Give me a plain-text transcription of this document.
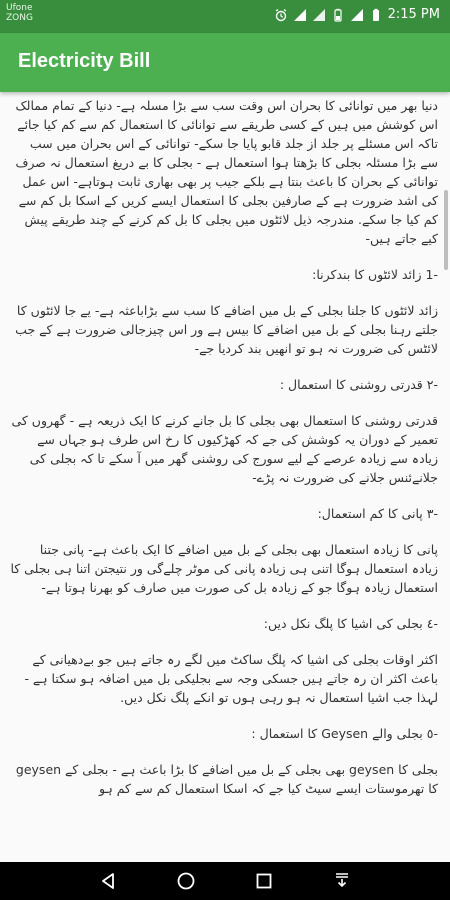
Ufone
ZONG	2:15 PM
Electricity Bill

دنیا بھر میں توانائی کا بحران اس وقت سب سے بڑا مسلہ ہے- دنیا کے تمام ممالک اس کوشش میں ہیں کے کسی طریقے سے توانائی کا استعمال کم سے کم کیا جائے تاکہ اس مسئلے پر جلد از جلد قابو پایا جا سکے- توانائی کے اس بحران میں سب سے بڑا مسئلہ بجلی کا بڑھتا ہوا استعمال ہے - بجلی کا بے دریغ استعمال نہ صرف توانائی کے بحران کا باعث بنتا ہے بلکے جیب پر بھی بھاری ثابت ہوتاہے- اس عمل کی اشد ضرورت ہے کے صارفین بجلی کا استعمال ایسے کریں کے اسکا بل کم سے کم کیا جا سکے. مندرجہ ذیل لائٹوں میں بجلی کا بل کم کرنے کے چند طریقے پیش کیے جاتے ہیں-

-1 زائد لائٹوں کا بندکرنا:

زائد لائٹوں کا جلنا بجلی کے بل میں اضافے کا سب سے بڑاباعثہ ہے- یے جا لائٹوں کا جلتے رہنا بجلی کے بل میں اضافے کا بیس ہے ور اس چیزجالی ضرورت ہے کے جب لائٹس کی ضرورت نہ ہو تو انھیں بند کردیا جے-

-۲ قدرتی روشنی کا استعمال :

قدرتی روشنی کا استعمال بھی بجلی کا بل جانے کرنے کا ایک ذریعہ ہے - گھروں کی تعمیر کے دوران یہ کوشش کی جے کہ کھڑکیوں کا رخ اس طرف ہو جہاں سے زیادہ سے زیادہ عرصے کے لیے سورج کی روشنی گھر میں آ سکے تا کہ بجلی کی جلانےئنس جلانے کی ضرورت نہ پڑے-

-۳ پانی کا کم استعمال:

پانی کا زیادہ استعمال بھی بجلی کے بل میں اضافے کا ایک باعث ہے- پانی جتنا زیادہ استعمال ہوگا اتنی ہی زیادہ پانی کی موٹر چلےگی ور نتیجتن اتنا ہی بجلی کا استعمال زیادہ ہوگا جو کے زیادہ بل کی صورت میں صارف کو بھرنا ہوتا ہے-

-٤ بجلی کی اشیا کا پلگ نکل دیں:

اکثر اوقات بجلی کی اشیا کہ پلگ ساکٹ میں لگے رہ جاتے ہیں جو بےدھیانی کے باعث اکثر ان رہ جاتے ہیں جسکی وجہ سے بجلیکی بل میں اضافہ ہو سکتا ہے - لہذا جب اشیا استعمال نہ ہو رہی ہوں تو انکے پلگ نکل دیں.

-٥ بجلی والے Geysen کا استعمال :

بجلی کا geysen بھی بجلی کے بل میں اضافے کا بڑا باعث ہے - بجلی کے geysen کا تھرموستات ایسے سیٹ کیا جے کہ اسکا استعمال کم سے کم ہو
